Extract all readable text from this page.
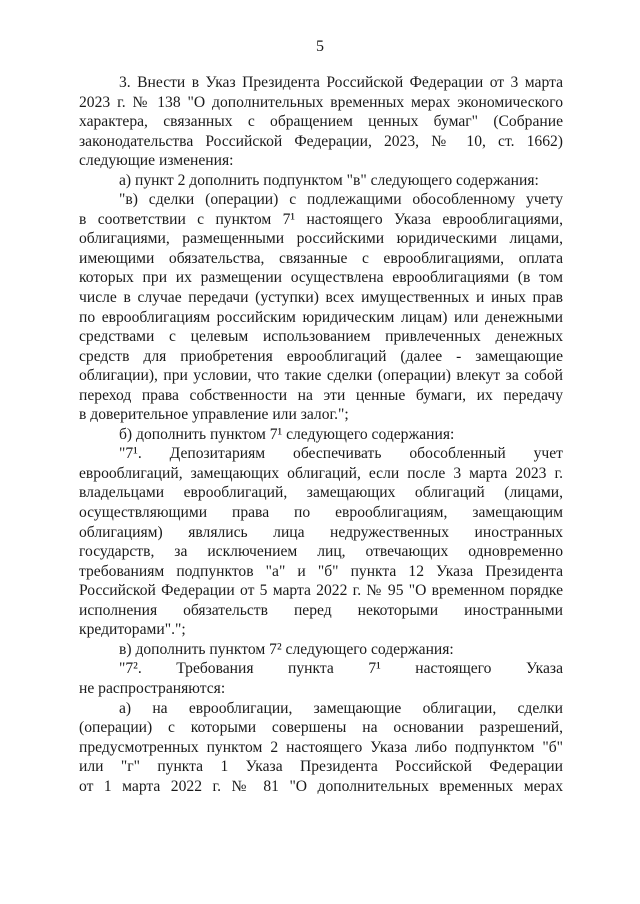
5
3. Внести в Указ Президента Российской Федерации от 3 марта
2023 г. № 138 "О дополнительных временных мерах экономического
характера, связанных с обращением ценных бумаг" (Собрание
законодательства Российской Федерации, 2023, № 10, ст. 1662)
следующие изменения:
а) пункт 2 дополнить подпунктом "в" следующего содержания:
"в) сделки (операции) с подлежащими обособленному учету
в соответствии с пунктом 7¹ настоящего Указа еврооблигациями,
облигациями, размещенными российскими юридическими лицами,
имеющими обязательства, связанные с еврооблигациями, оплата
которых при их размещении осуществлена еврооблигациями (в том
числе в случае передачи (уступки) всех имущественных и иных прав
по еврооблигациям российским юридическим лицам) или денежными
средствами с целевым использованием привлеченных денежных
средств для приобретения еврооблигаций (далее - замещающие
облигации), при условии, что такие сделки (операции) влекут за собой
переход права собственности на эти ценные бумаги, их передачу
в доверительное управление или залог.";
б) дополнить пунктом 7¹ следующего содержания:
"7¹. Депозитариям обеспечивать обособленный учет
еврооблигаций, замещающих облигаций, если после 3 марта 2023 г.
владельцами еврооблигаций, замещающих облигаций (лицами,
осуществляющими права по еврооблигациям, замещающим
облигациям) являлись лица недружественных иностранных
государств, за исключением лиц, отвечающих одновременно
требованиям подпунктов "а" и "б" пункта 12 Указа Президента
Российской Федерации от 5 марта 2022 г. № 95 "О временном порядке
исполнения обязательств перед некоторыми иностранными
кредиторами".";
в) дополнить пунктом 7² следующего содержания:
"7². Требования пункта 7¹ настоящего Указа
не распространяются:
а) на еврооблигации, замещающие облигации, сделки
(операции) с которыми совершены на основании разрешений,
предусмотренных пунктом 2 настоящего Указа либо подпунктом "б"
или "г" пункта 1 Указа Президента Российской Федерации
от 1 марта 2022 г. № 81 "О дополнительных временных мерах
